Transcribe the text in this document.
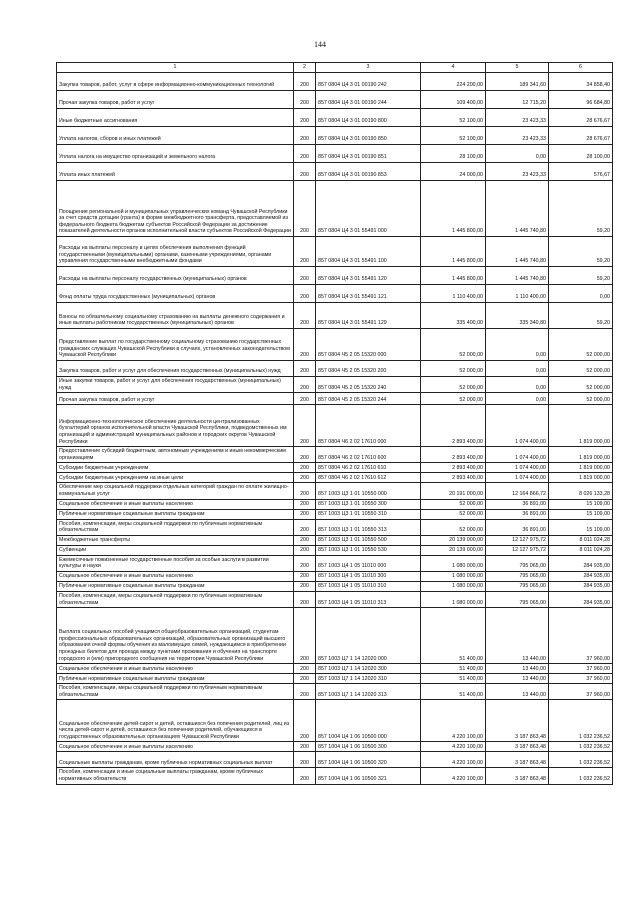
144
1	2	3	4	5	6
Закупка товаров, работ, услуг в сфере информационно-коммуникационных технологий	200	857 0804 Ц4 3 01 00190 242	224 200,00	189 341,60	34 858,40
Прочая закупка товаров, работ и услуг	200	857 0804 Ц4 3 01 00190 244	109 400,00	12 715,20	96 684,80
Иные бюджетные ассигнования	200	857 0804 Ц4 3 01 00190 800	52 100,00	23 423,33	28 676,67
Уплата налогов, сборов и иных платежей	200	857 0804 Ц4 3 01 00190 850	52 100,00	23 423,33	28 676,67
Уплата налога на имущество организаций и земельного налога	200	857 0804 Ц4 3 01 00190 851	28 100,00	0,00	28 100,00
Уплата иных платежей	200	857 0804 Ц4 3 01 00190 853	24 000,00	23 423,33	576,67
Поощрение региональной и муниципальных управленческих команд Чувашской Республики за счет средств дотации (гранта) в форме межбюджетного трансферта, предоставляемой из федерального бюджета бюджетам субъектов Российской Федерации за достижение показателей деятельности органов исполнительной власти субъектов Российской Федерации	200	857 0804 Ц4 3 01 55491 000	1 445 800,00	1 445 740,80	59,20
Расходы на выплаты персоналу в целях обеспечения выполнения функций государственными (муниципальными) органами, казенными учреждениями, органами управления государственными внебюджетными фондами	200	857 0804 Ц4 3 01 55491 100	1 445 800,00	1 445 740,80	59,20
Расходы на выплаты персоналу государственных (муниципальных) органов	200	857 0804 Ц4 3 01 55491 120	1 445 800,00	1 445 740,80	59,20
Фонд оплаты труда государственных (муниципальных) органов	200	857 0804 Ц4 3 01 55491 121	1 110 400,00	1 110 400,00	0,00
Взносы по обязательному социальному страхованию на выплаты денежного содержания и иные выплаты работникам государственных (муниципальных) органов	200	857 0804 Ц4 3 01 55491 129	335 400,00	335 340,80	59,20
Представление выплат по государственному социальному страхованию государственных гражданских служащих Чувашской Республики в случаях, установленных законодательством Чувашской Республики	200	857 0804 Ч5 2 05 15320 000	52 000,00	0,00	52 000,00
Закупка товаров, работ и услуг для обеспечения государственных (муниципальных) нужд	200	857 0804 Ч5 2 05 15320 200	52 000,00	0,00	52 000,00
Иные закупки товаров, работ и услуг для обеспечения государственных (муниципальных) нужд	200	857 0804 Ч5 2 05 15320 240	52 000,00	0,00	52 000,00
Прочая закупка товаров, работ и услуг	200	857 0804 Ч5 2 05 15320 244	52 000,00	0,00	52 000,00
Информационно-технологическое обеспечение деятельности централизованных бухгалтерий органов исполнительной власти Чувашской Республики, подведомственных им организаций и администраций муниципальных районов и городских округов Чувашской Республики	200	857 0804 Ч6 2 02 17610 000	2 893 400,00	1 074 400,00	1 819 000,00
Предоставление субсидий бюджетным, автономным учреждениям и иным некоммерческим организациям	200	857 0804 Ч6 2 02 17610 600	2 893 400,00	1 074 400,00	1 819 000,00
Субсидии бюджетным учреждениям	200	857 0804 Ч6 2 02 17610 610	2 893 400,00	1 074 400,00	1 819 000,00
Субсидии бюджетным учреждениям на иные цели	200	857 0804 Ч6 2 02 17610 612	2 893 400,00	1 074 400,00	1 819 000,00
Обеспечение мер социальной поддержки отдельных категорий граждан по оплате жилищно-коммунальных услуг	200	857 1003 Ц3 1 01 10550 000	20 191 000,00	12 164 866,72	8 026 133,28
Социальное обеспечение и иные выплаты населению	200	857 1003 Ц3 1 01 10550 300	52 000,00	36 891,00	15 109,00
Публичные нормативные социальные выплаты гражданам	200	857 1003 Ц3 1 01 10550 310	52 000,00	36 891,00	15 109,00
Пособия, компенсации, меры социальной поддержки по публичным нормативным обязательствам	200	857 1003 Ц3 1 01 10550 313	52 000,00	36 891,00	15 109,00
Межбюджетные трансферты	200	857 1003 Ц3 1 01 10550 500	20 139 000,00	12 127 975,72	8 011 024,28
Субвенции	200	857 1003 Ц3 1 01 10550 530	20 139 000,00	12 127 975,72	8 011 024,28
Ежемесячные пожизненные государственные пособия за особые заслуги в развитии культуры и науки	200	857 1003 Ц4 1 05 11010 000	1 080 000,00	795 065,00	284 935,00
Социальное обеспечение и иные выплаты населению	200	857 1003 Ц4 1 05 11010 300	1 080 000,00	795 065,00	284 935,00
Публичные нормативные социальные выплаты гражданам	200	857 1003 Ц4 1 05 11010 310	1 080 000,00	795 065,00	284 935,00
Пособия, компенсации, меры социальной поддержки по публичным нормативным обязательствам	200	857 1003 Ц4 1 05 11010 313	1 080 000,00	795 065,00	284 935,00
Выплата социальных пособий учащимся общеобразовательных организаций, студентам профессиональных образовательных организаций, образовательных организаций высшего образования очной формы обучения из малоимущих семей, нуждающимся в приобретении проездных билетов для проезда между пунктами проживания и обучения на транспорте городского и (или) пригородного сообщения на территории Чувашской Республики	200	857 1003 Ц7 1 14 12020 000	51 400,00	13 440,00	37 960,00
Социальное обеспечение и иные выплаты населению	200	857 1003 Ц7 1 14 12020 300	51 400,00	13 440,00	37 960,00
Публичные нормативные социальные выплаты гражданам	200	857 1003 Ц7 1 14 12020 310	51 400,00	13 440,00	37 960,00
Пособия, компенсации, меры социальной поддержки по публичным нормативным обязательствам	200	857 1003 Ц7 1 14 12020 313	51 400,00	13 440,00	37 960,00
Социальное обеспечение детей-сирот и детей, оставшихся без попечения родителей, лиц из числа детей-сирот и детей, оставшихся без попечения родителей, обучающихся в государственных образовательных организациях Чувашской Республики	200	857 1004 Ц4 1 06 10500 000	4 220 100,00	3 187 863,48	1 032 236,52
Социальное обеспечение и иные выплаты населению	200	857 1004 Ц4 1 06 10500 300	4 220 100,00	3 187 863,48	1 032 236,52
Социальные выплаты гражданам, кроме публичных нормативных социальных выплат	200	857 1004 Ц4 1 06 10500 320	4 220 100,00	3 187 863,48	1 032 236,52
Пособия, компенсации и иные социальные выплаты гражданам, кроме публичных нормативных обязательств	200	857 1004 Ц4 1 06 10500 321	4 220 100,00	3 187 863,48	1 032 236,52
